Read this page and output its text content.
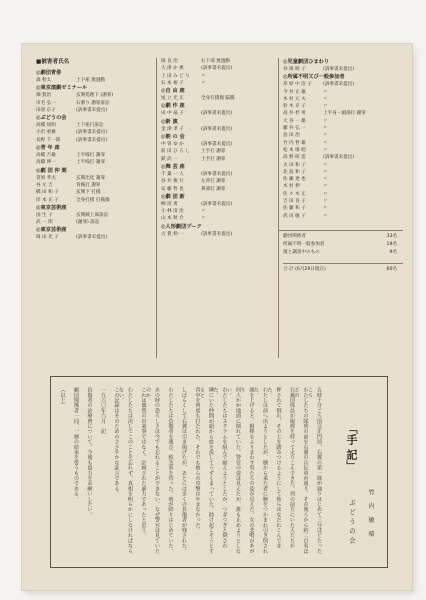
■被害者氏名
◎劇団青俳
森 幹太	土下座 無過動
◎東京演劇ゼミナール
畑 賢治	玄関処理下 (謝罪)
市毛 弘一	石割り 謝罪訴訟
田原 京子	(訴事書未提出)
◎ぶどうの会
高橋 知明	土下座行訴訟
小沢 重雄	(訴事書未提出)
長野 千一郎	(訴事書未提出)
◎青 年 座
高橋 吉雄	上半殴打 謝罪
高橋 伸一	上半殴打 謝罪
◎劇 団 仲 間
菅原 孝夫	玄関出廷 謝罪
谷 元 吉	背後打 謝罪
橋 田 和 子	玄関下 打撲
岸 本 正 子	全身打撲 打撲傷
◎東京芸術座
国 生 子	玄関綾上部訴訟
武 一 郎	(謝罪) 訴訟
◎東京芸術座
岡 田 光 子	(訴事書未提出)
岡 良 治	右下部 無過動
大 津 か 惠	(訴事書未提出)
上 田 み ど り	〃
石 本 裕 子	〃
◎自 由 座
尾 立 光 正	全身打撲傷 脳膜
◎劇 作 座
田 中 扇 子	(訴事書未提出)
◎新 演
金 津 孝 子	(訴事書未提出)
◎朝 の 会
中 曽 ゆ か	(訴事書未提出)
前 田 ひ ろ し	土手打 謝罪
鉄 武 一	土手打 謝罪
◎舞 芸 座
千 葉 一 人	(訴事書未提出)
谷 井 俊 行	左背打 謝罪
安 藤 哲 也	鼻部打 謝罪
◎劇 団 新
柳 清 勇	(訴事書未提出)
小 林 清 治	〃
山 本 秋 介	〃
◎人形劇団プーク
古 賀 伸 一	(訴事書未提出)
◎児童劇団ひまわり
谷 岡 睦 子	(訴事書未提出)
◎所属不明又び一般参加者
草 原 中 浩 子	(訴事書未提出)
今 井 正 雄	〃
木 村 元 夫	〃
鈴 木 京 子	〃
高 井 杉 男	上半身・頭部打 謝罪
大 谷 一 雄	〃
藤 井 弘 一	〃
島 田 治	〃
竹 内 哲 雄	〃
松 本 康 昭	〃
高 野 研 造	(訴事書未提出)
太 田 和 子	〃
北 島 和 子	〃
佐 藤 達 也	〃
木 村 伸	〃
佐 々 木 正	〃
吉 田 良 子	〃
佐 藤 和 子	〃
武 田 敏 子	〃
劇団関係者	33名
所属不明一般参加者	18名
現と調査中のもの	9名
合 計 (6月29日現在)	60名
「手 記」
ぶどうの会	竹 内 敏 晴
五時十分ごろ国会正門前、右翼の第一隊が通りはじめて三分ほどたったころ
わたしたちの隊列の前を右翼の宣伝車が通り、その後ろから約二百名ほどの
右翼団体員が棍棒を持って走りこんできた。列の前方にいた人たちが
押されて倒れ、その上を踏みつけるようにして彼らはなだれこんできた。
わたしは前へ出ようとしたが、横から来た者に腕をつかまれ引き倒された。
顔を上げると、棍棒をふりまわす男たちの姿が見えた。女の悲鳴があがり
何人かが地面に倒れていた。警官の姿は見えたが、誰も止めようとしない。
わたしたちはスクラムを組んで耐えようとしたが、つぎつぎと倒された。
隣にいた仲間が頭から血を流してうずくまっていた。助け起こそうとすると
背中を何度も打たれた。それでも彼らの攻撃はやまなかった。
しばらくして右翼は引き揚げたが、あとには多くの負傷者が残された。
わたしたちは負傷者を運び、救急車を待った。雨が降りはじめていた。
あの時の恐ろしさは今でも忘れることができない。なぜ警官は見ていたのか。
これは偶然の出来事ではなく、計画された暴力であったと思う。
わたしたちは決してこのことを忘れず、真相を明らかにしなければならない。
この記録はそのためのささやかな証言である。
一九六〇年六月　記
負傷者の治療費について、今後も協力をお願いしたい。
劇団関係者一同、一層の結束を誓うものである。
（以上）
